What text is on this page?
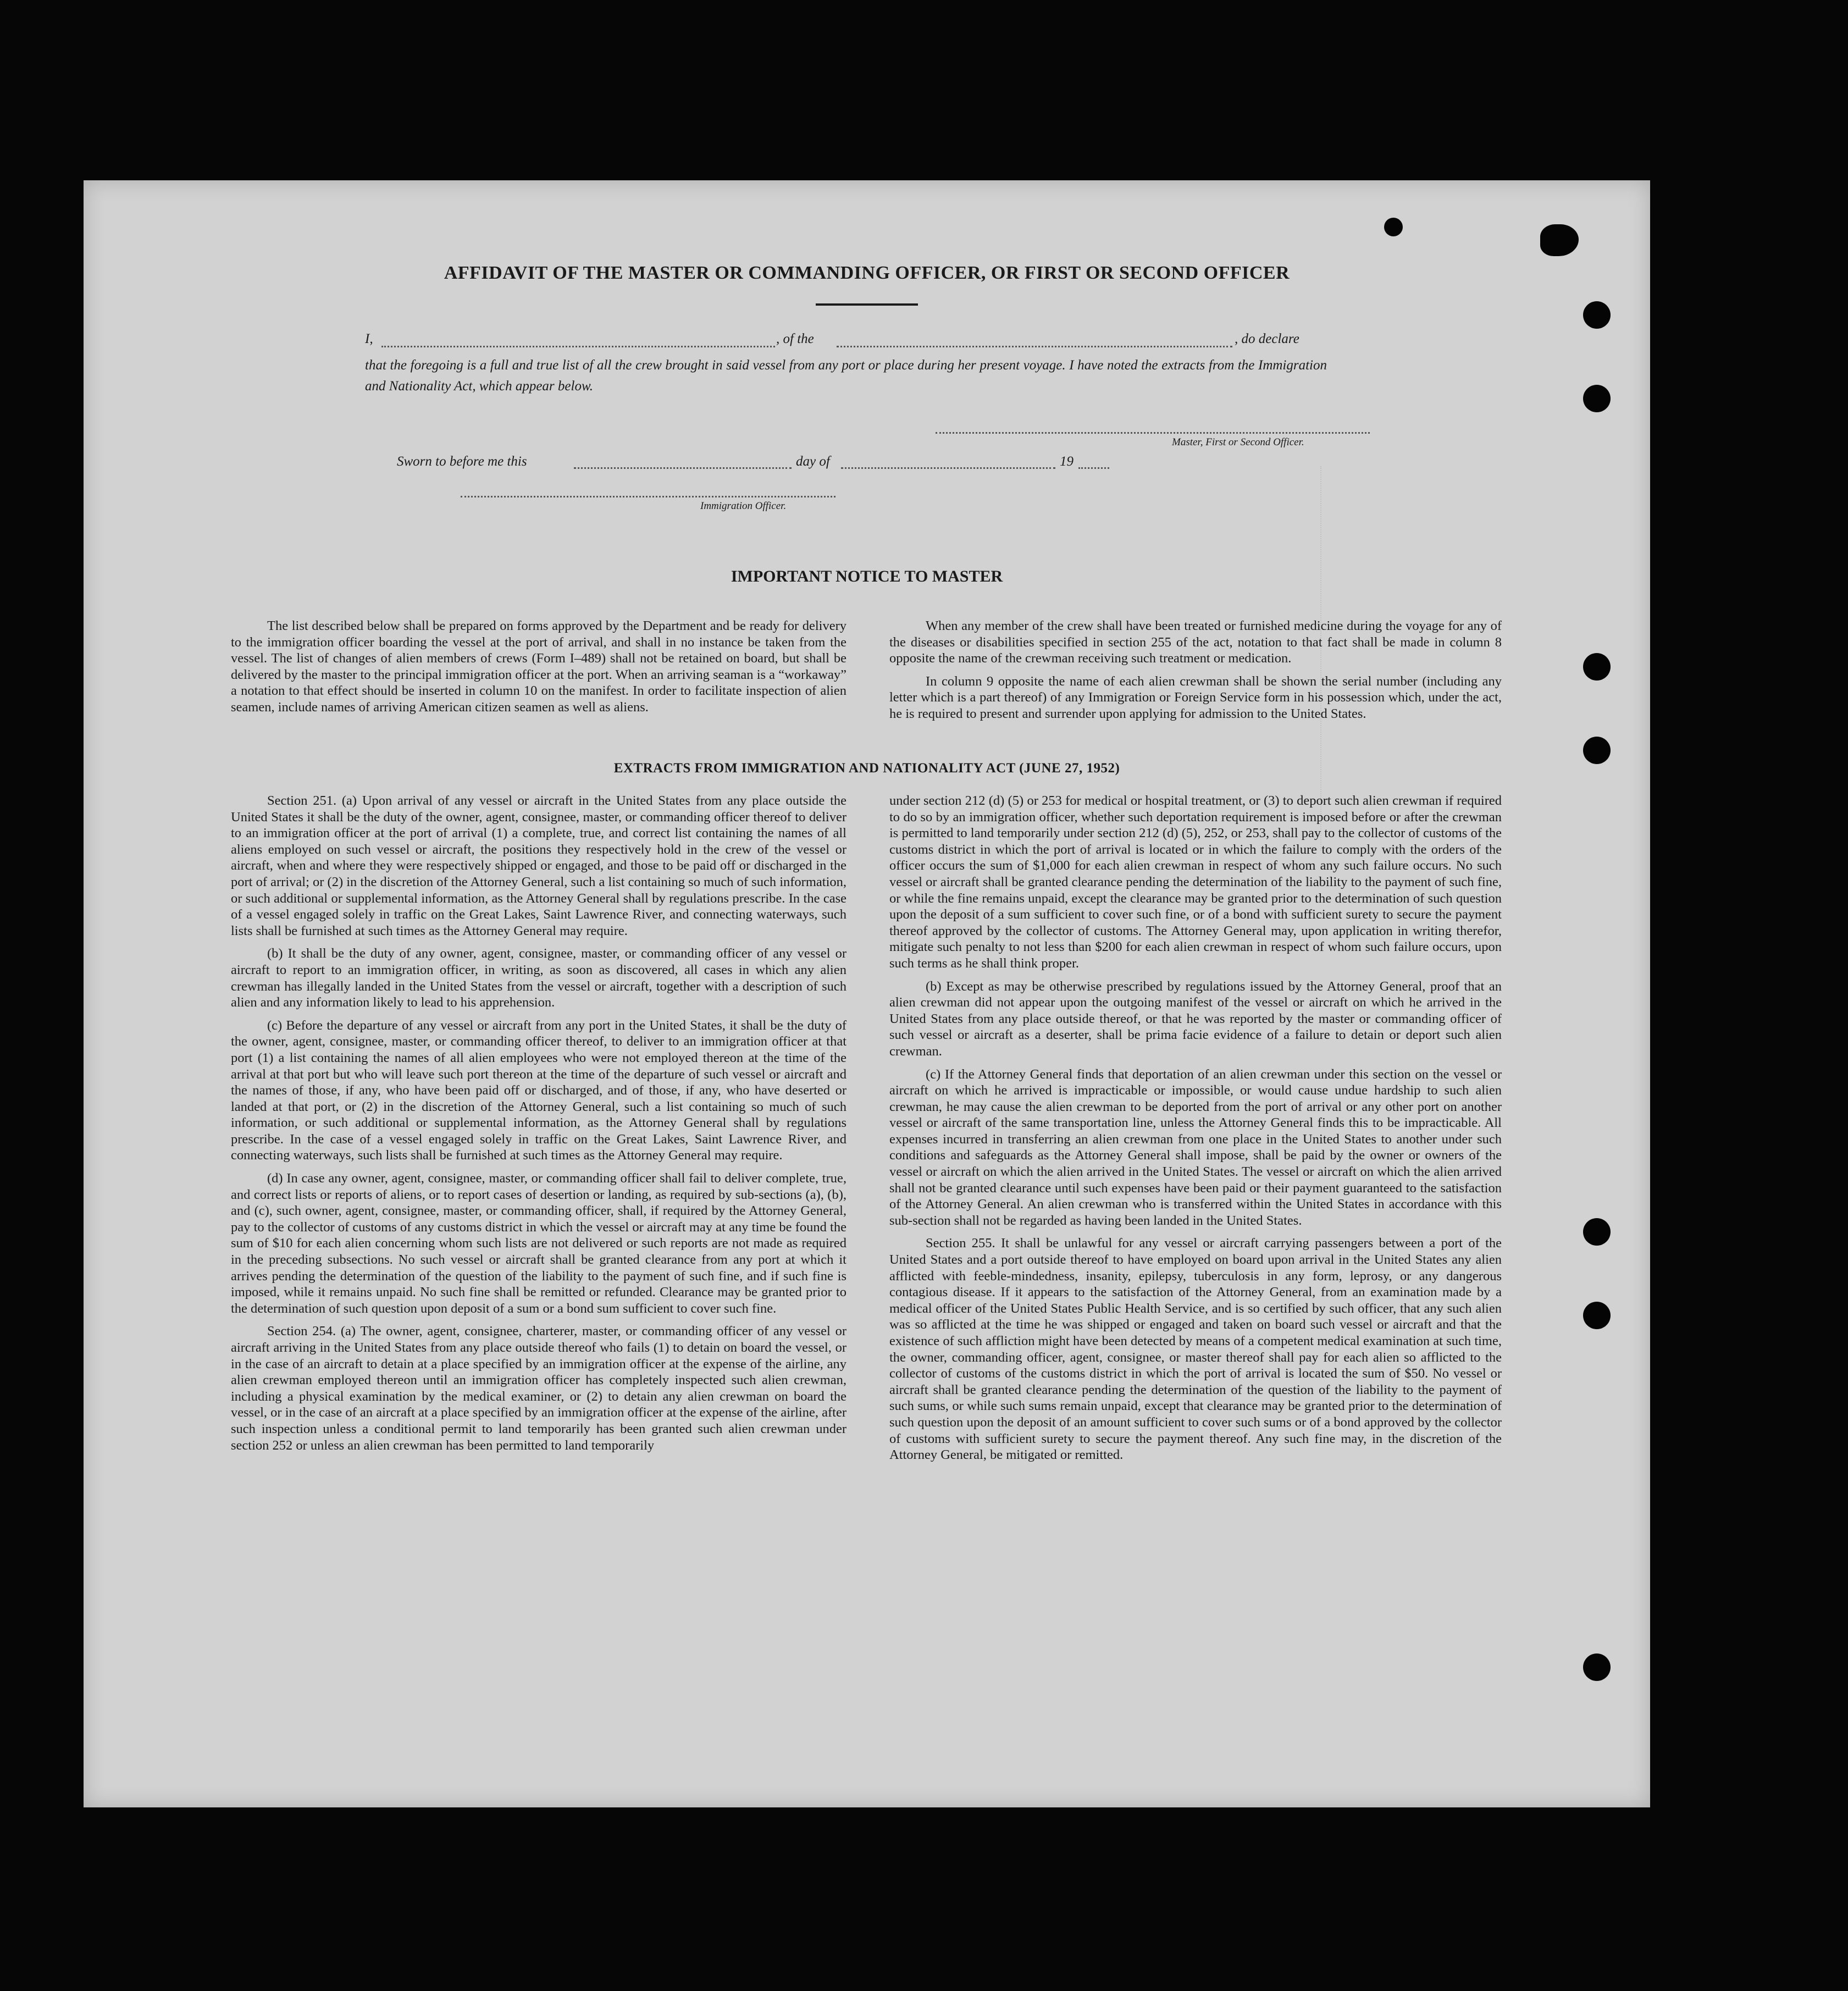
AFFIDAVIT OF THE MASTER OR COMMANDING OFFICER, OR FIRST OR SECOND OFFICER
I,	, of the	, do declare
that the foregoing is a full and true list of all the crew brought in said vessel from any port or place during her present voyage. I have noted the extracts from the Immigration and Nationality Act, which appear below.
Master, First or Second Officer.
Sworn to before me this	day of	19
Immigration Officer.
IMPORTANT NOTICE TO MASTER

The list described below shall be prepared on forms approved by the Department and be ready for delivery to the immigration officer boarding the vessel at the port of arrival, and shall in no instance be taken from the vessel. The list of changes of alien members of crews (Form I–489) shall not be retained on board, but shall be delivered by the master to the principal immigration officer at the port. When an arriving seaman is a “workaway” a notation to that effect should be inserted in column 10 on the manifest. In order to facilitate inspection of alien seamen, include names of arriving American citizen seamen as well as aliens.

When any member of the crew shall have been treated or furnished medicine during the voyage for any of the diseases or disabilities specified in section 255 of the act, notation to that fact shall be made in column 8 opposite the name of the crewman receiving such treatment or medication.

In column 9 opposite the name of each alien crewman shall be shown the serial number (including any letter which is a part thereof) of any Immigration or Foreign Service form in his possession which, under the act, he is required to present and surrender upon applying for admission to the United States.

EXTRACTS FROM IMMIGRATION AND NATIONALITY ACT (JUNE 27, 1952)

Section 251. (a) Upon arrival of any vessel or aircraft in the United States from any place outside the United States it shall be the duty of the owner, agent, consignee, master, or commanding officer thereof to deliver to an immigration officer at the port of arrival (1) a complete, true, and correct list containing the names of all aliens employed on such vessel or aircraft, the positions they respectively hold in the crew of the vessel or aircraft, when and where they were respectively shipped or engaged, and those to be paid off or discharged in the port of arrival; or (2) in the discretion of the Attorney General, such a list containing so much of such information, or such additional or supplemental information, as the Attorney General shall by regulations prescribe. In the case of a vessel engaged solely in traffic on the Great Lakes, Saint Lawrence River, and connecting waterways, such lists shall be furnished at such times as the Attorney General may require.

(b) It shall be the duty of any owner, agent, consignee, master, or commanding officer of any vessel or aircraft to report to an immigration officer, in writing, as soon as discovered, all cases in which any alien crewman has illegally landed in the United States from the vessel or aircraft, together with a description of such alien and any information likely to lead to his apprehension.

(c) Before the departure of any vessel or aircraft from any port in the United States, it shall be the duty of the owner, agent, consignee, master, or commanding officer thereof, to deliver to an immigration officer at that port (1) a list containing the names of all alien employees who were not employed thereon at the time of the arrival at that port but who will leave such port thereon at the time of the departure of such vessel or aircraft and the names of those, if any, who have been paid off or discharged, and of those, if any, who have deserted or landed at that port, or (2) in the discretion of the Attorney General, such a list containing so much of such information, or such additional or supplemental information, as the Attorney General shall by regulations prescribe. In the case of a vessel engaged solely in traffic on the Great Lakes, Saint Lawrence River, and connecting waterways, such lists shall be furnished at such times as the Attorney General may require.

(d) In case any owner, agent, consignee, master, or commanding officer shall fail to deliver complete, true, and correct lists or reports of aliens, or to report cases of desertion or landing, as required by sub-sections (a), (b), and (c), such owner, agent, consignee, master, or commanding officer, shall, if required by the Attorney General, pay to the collector of customs of any customs district in which the vessel or aircraft may at any time be found the sum of $10 for each alien concerning whom such lists are not delivered or such reports are not made as required in the preceding subsections. No such vessel or aircraft shall be granted clearance from any port at which it arrives pending the determination of the question of the liability to the payment of such fine, and if such fine is imposed, while it remains unpaid. No such fine shall be remitted or refunded. Clearance may be granted prior to the determination of such question upon deposit of a sum or a bond sum sufficient to cover such fine.

Section 254. (a) The owner, agent, consignee, charterer, master, or commanding officer of any vessel or aircraft arriving in the United States from any place outside thereof who fails (1) to detain on board the vessel, or in the case of an aircraft to detain at a place specified by an immigration officer at the expense of the airline, any alien crewman employed thereon until an immigration officer has completely inspected such alien crewman, including a physical examination by the medical examiner, or (2) to detain any alien crewman on board the vessel, or in the case of an aircraft at a place specified by an immigration officer at the expense of the airline, after such inspection unless a conditional permit to land temporarily has been granted such alien crewman under section 252 or unless an alien crewman has been permitted to land temporarily

under section 212 (d) (5) or 253 for medical or hospital treatment, or (3) to deport such alien crewman if required to do so by an immigration officer, whether such deportation requirement is imposed before or after the crewman is permitted to land temporarily under section 212 (d) (5), 252, or 253, shall pay to the collector of customs of the customs district in which the port of arrival is located or in which the failure to comply with the orders of the officer occurs the sum of $1,000 for each alien crewman in respect of whom any such failure occurs. No such vessel or aircraft shall be granted clearance pending the determination of the liability to the payment of such fine, or while the fine remains unpaid, except the clearance may be granted prior to the determination of such question upon the deposit of a sum sufficient to cover such fine, or of a bond with sufficient surety to secure the payment thereof approved by the collector of customs. The Attorney General may, upon application in writing therefor, mitigate such penalty to not less than $200 for each alien crewman in respect of whom such failure occurs, upon such terms as he shall think proper.

(b) Except as may be otherwise prescribed by regulations issued by the Attorney General, proof that an alien crewman did not appear upon the outgoing manifest of the vessel or aircraft on which he arrived in the United States from any place outside thereof, or that he was reported by the master or commanding officer of such vessel or aircraft as a deserter, shall be prima facie evidence of a failure to detain or deport such alien crewman.

(c) If the Attorney General finds that deportation of an alien crewman under this section on the vessel or aircraft on which he arrived is impracticable or impossible, or would cause undue hardship to such alien crewman, he may cause the alien crewman to be deported from the port of arrival or any other port on another vessel or aircraft of the same transportation line, unless the Attorney General finds this to be impracticable. All expenses incurred in transferring an alien crewman from one place in the United States to another under such conditions and safeguards as the Attorney General shall impose, shall be paid by the owner or owners of the vessel or aircraft on which the alien arrived in the United States. The vessel or aircraft on which the alien arrived shall not be granted clearance until such expenses have been paid or their payment guaranteed to the satisfaction of the Attorney General. An alien crewman who is transferred within the United States in accordance with this sub-section shall not be regarded as having been landed in the United States.

Section 255. It shall be unlawful for any vessel or aircraft carrying passengers between a port of the United States and a port outside thereof to have employed on board upon arrival in the United States any alien afflicted with feeble-mindedness, insanity, epilepsy, tuberculosis in any form, leprosy, or any dangerous contagious disease. If it appears to the satisfaction of the Attorney General, from an examination made by a medical officer of the United States Public Health Service, and is so certified by such officer, that any such alien was so afflicted at the time he was shipped or engaged and taken on board such vessel or aircraft and that the existence of such affliction might have been detected by means of a competent medical examination at such time, the owner, commanding officer, agent, consignee, or master thereof shall pay for each alien so afflicted to the collector of customs of the customs district in which the port of arrival is located the sum of $50. No vessel or aircraft shall be granted clearance pending the determination of the question of the liability to the payment of such sums, or while such sums remain unpaid, except that clearance may be granted prior to the determination of such question upon the deposit of an amount sufficient to cover such sums or of a bond approved by the collector of customs with sufficient surety to secure the payment thereof. Any such fine may, in the discretion of the Attorney General, be mitigated or remitted.
